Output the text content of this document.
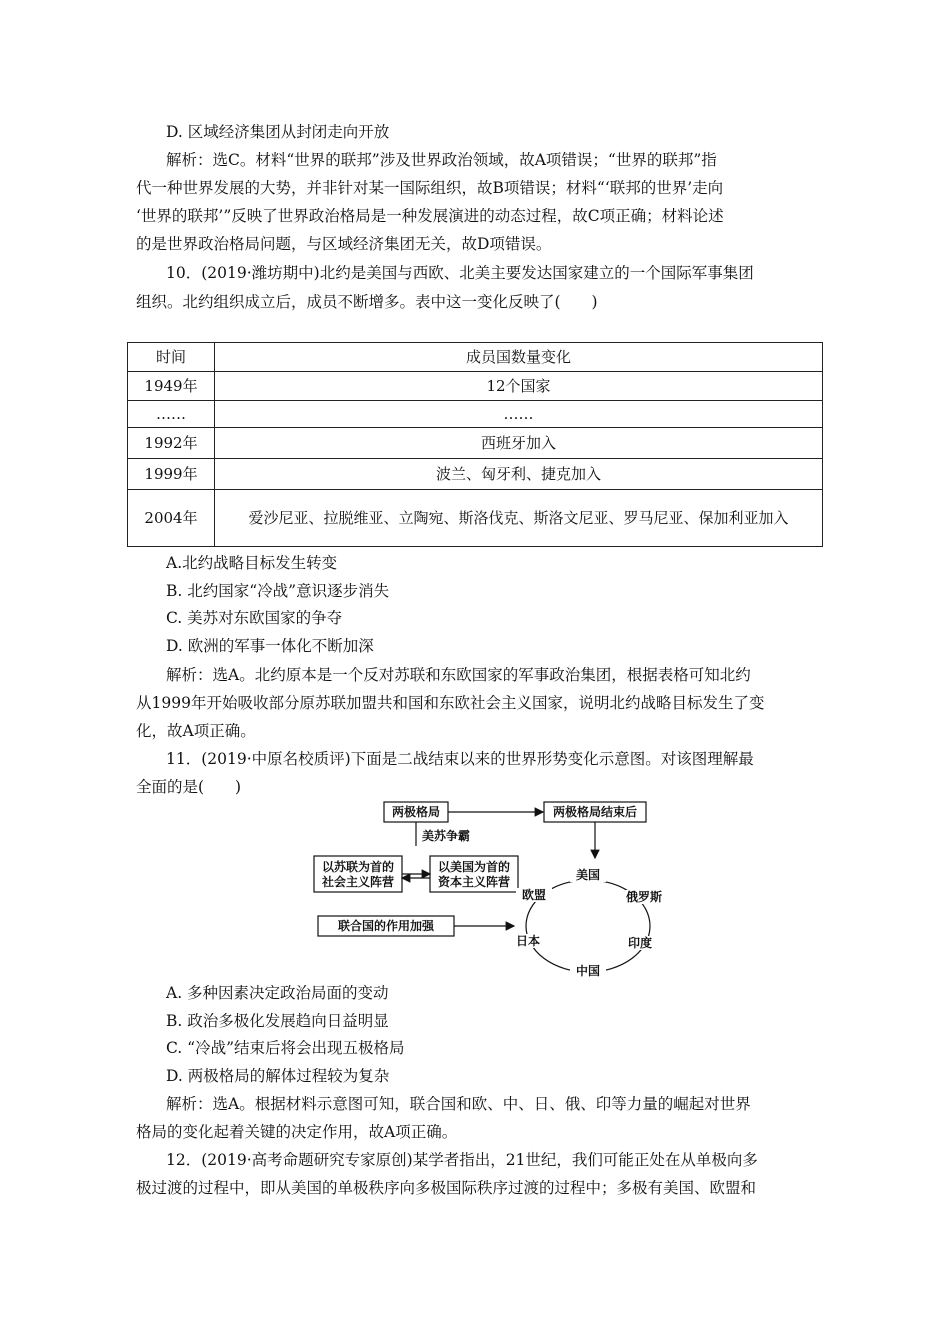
D. 区域经济集团从封闭走向开放
解析：选C。材料“世界的联邦”涉及世界政治领域，故A项错误；“世界的联邦”指
代一种世界发展的大势，并非针对某一国际组织，故B项错误；材料“‘联邦的世界’走向
‘世界的联邦’”反映了世界政治格局是一种发展演进的动态过程，故C项正确；材料论述
的是世界政治格局问题，与区域经济集团无关，故D项错误。
10．(2019·潍坊期中)北约是美国与西欧、北美主要发达国家建立的一个国际军事集团
组织。北约组织成立后，成员不断增多。表中这一变化反映了(　　)
时间	成员国数量变化
1949年	12个国家
……	……
1992年	西班牙加入
1999年	波兰、匈牙利、捷克加入
2004年	爱沙尼亚、拉脱维亚、立陶宛、斯洛伐克、斯洛文尼亚、罗马尼亚、保加利亚加入
A.北约战略目标发生转变
B. 北约国家“冷战”意识逐步消失
C. 美苏对东欧国家的争夺
D. 欧洲的军事一体化不断加深
解析：选A。北约原本是一个反对苏联和东欧国家的军事政治集团，根据表格可知北约
从1999年开始吸收部分原苏联加盟共和国和东欧社会主义国家，说明北约战略目标发生了变
化，故A项正确。
11．(2019·中原名校质评)下面是二战结束以来的世界形势变化示意图。对该图理解最
全面的是(　　)
两极格局	两极格局结束后
美苏争霸
以苏联为首的
社会主义阵营
以美国为首的
资本主义阵营
联合国的作用加强
美国
俄罗斯
印度
中国
日本
欧盟
A. 多种因素决定政治局面的变动
B. 政治多极化发展趋向日益明显
C. “冷战”结束后将会出现五极格局
D. 两极格局的解体过程较为复杂
解析：选A。根据材料示意图可知，联合国和欧、中、日、俄、印等力量的崛起对世界
格局的变化起着关键的决定作用，故A项正确。
12．(2019·高考命题研究专家原创)某学者指出，21世纪，我们可能正处在从单极向多
极过渡的过程中，即从美国的单极秩序向多极国际秩序过渡的过程中；多极有美国、欧盟和
